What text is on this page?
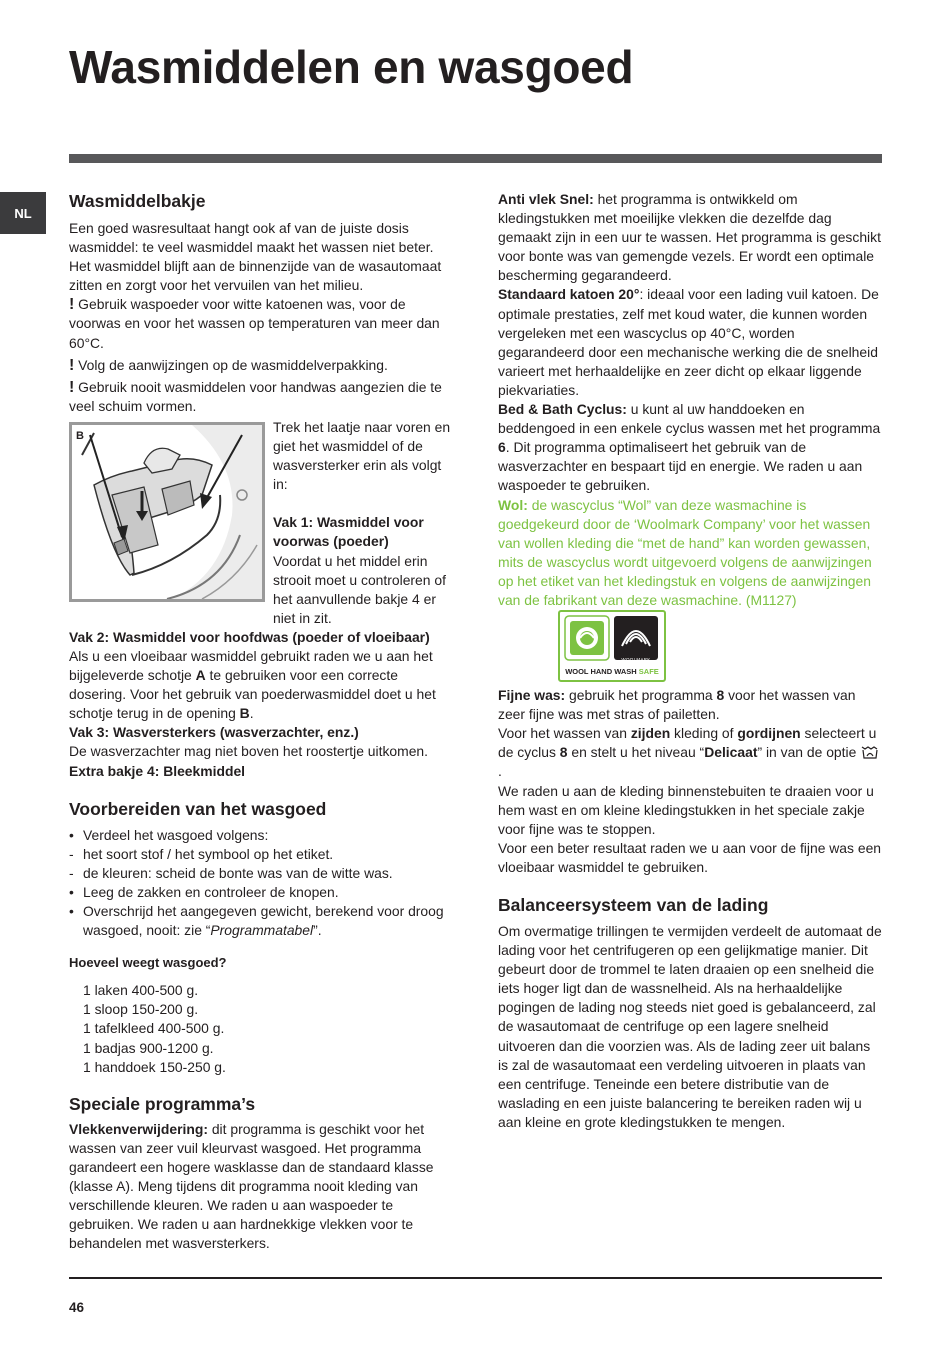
Wasmiddelen en wasgoed
NL
Wasmiddelbakje

Een goed wasresultaat hangt ook af van de juiste dosis wasmiddel: te veel wasmiddel maakt het wassen niet beter. Het wasmiddel blijft aan de binnenzijde van de wasautomaat zitten en zorgt voor het vervuilen van het milieu.

! Gebruik waspoeder voor witte katoenen was, voor de voorwas en voor het wassen op temperaturen van meer dan 60°C.

! Volg de aanwijzingen op de wasmiddelverpakking.

! Gebruik nooit wasmiddelen voor handwas aangezien die te veel schuim vormen.

B

Trek het laatje naar voren en giet het wasmiddel of de wasversterker erin als volgt in:

Vak 1: Wasmiddel voor voorwas (poeder)

Voordat u het middel erin strooit moet u controleren of het aanvullende bakje 4 er niet in zit.

Vak 2: Wasmiddel voor hoofdwas (poeder of vloeibaar)

Als u een vloeibaar wasmiddel gebruikt raden we u aan het bijgeleverde schotje A te gebruiken voor een correcte dosering. Voor het gebruik van poederwasmiddel doet u het schotje terug in de opening B.

Vak 3: Wasversterkers (wasverzachter, enz.)

De wasverzachter mag niet boven het roostertje uitkomen.

Extra bakje 4: Bleekmiddel

Voorbereiden van het wasgoed
• Verdeel het wasgoed volgens:
- het soort stof / het symbool op het etiket.
- de kleuren: scheid de bonte was van de witte was.
• Leeg de zakken en controleer de knopen.
• Overschrijd het aangegeven gewicht, berekend voor droog wasgoed, nooit: zie “Programmatabel”.

Hoeveel weegt wasgoed?

1 laken 400-500 g.

1 sloop 150-200 g.

1 tafelkleed 400-500 g.

1 badjas 900-1200 g.

1 handdoek 150-250 g.

Speciale programma’s

Vlekkenverwijdering: dit programma is geschikt voor het wassen van zeer vuil kleurvast wasgoed. Het programma garandeert een hogere wasklasse dan de standaard klasse (klasse A). Meng tijdens dit programma nooit kleding van verschillende kleuren. We raden u aan waspoeder te gebruiken. We raden u aan hardnekkige vlekken voor te behandelen met wasversterkers.

Anti vlek Snel: het programma is ontwikkeld om kledingstukken met moeilijke vlekken die dezelfde dag gemaakt zijn in een uur te wassen. Het programma is geschikt voor bonte was van gemengde vezels. Er wordt een optimale bescherming gegarandeerd.

Standaard katoen 20°: ideaal voor een lading vuil katoen. De optimale prestaties, zelf met koud water, die kunnen worden vergeleken met een wascyclus op 40°C, worden gegarandeerd door een mechanische werking die de snelheid varieert met herhaaldelijke en zeer dicht op elkaar liggende piekvariaties.

Bed & Bath Cyclus: u kunt al uw handdoeken en beddengoed in een enkele cyclus wassen met het programma 6. Dit programma optimaliseert het gebruik van de wasverzachter en bespaart tijd en energie. We raden u aan waspoeder te gebruiken.

Wol: de wascyclus “Wol” van deze wasmachine is goedgekeurd door de ‘Woolmark Company’ voor het wassen van wollen kleding die “met de hand” kan worden gewassen, mits de wascyclus wordt uitgevoerd volgens de aanwijzingen op het etiket van het kledingstuk en volgens de aanwijzingen van de fabrikant van deze wasmachine. (M1127)

WOOLMARK
WOOL HAND WASH SAFE

Fijne was: gebruik het programma 8 voor het wassen van zeer fijne was met stras of pailetten.

Voor het wassen van zijden kleding of gordijnen selecteert u de cyclus 8 en stelt u het niveau “Delicaat” in van de optie .

We raden u aan de kleding binnenstebuiten te draaien voor u hem wast en om kleine kledingstukken in het speciale zakje voor fijne was te stoppen.

Voor een beter resultaat raden we u aan voor de fijne was een vloeibaar wasmiddel te gebruiken.

Balanceersysteem van de lading

Om overmatige trillingen te vermijden verdeelt de automaat de lading voor het centrifugeren op een gelijkmatige manier. Dit gebeurt door de trommel te laten draaien op een snelheid die iets hoger ligt dan de wassnelheid. Als na herhaaldelijke pogingen de lading nog steeds niet goed is gebalanceerd, zal de wasautomaat de centrifuge op een lagere snelheid uitvoeren dan die voorzien was. Als de lading zeer uit balans is zal de wasautomaat een verdeling uitvoeren in plaats van een centrifuge. Teneinde een betere distributie van de waslading en een juiste balancering te bereiken raden wij u aan kleine en grote kledingstukken te mengen.

46
